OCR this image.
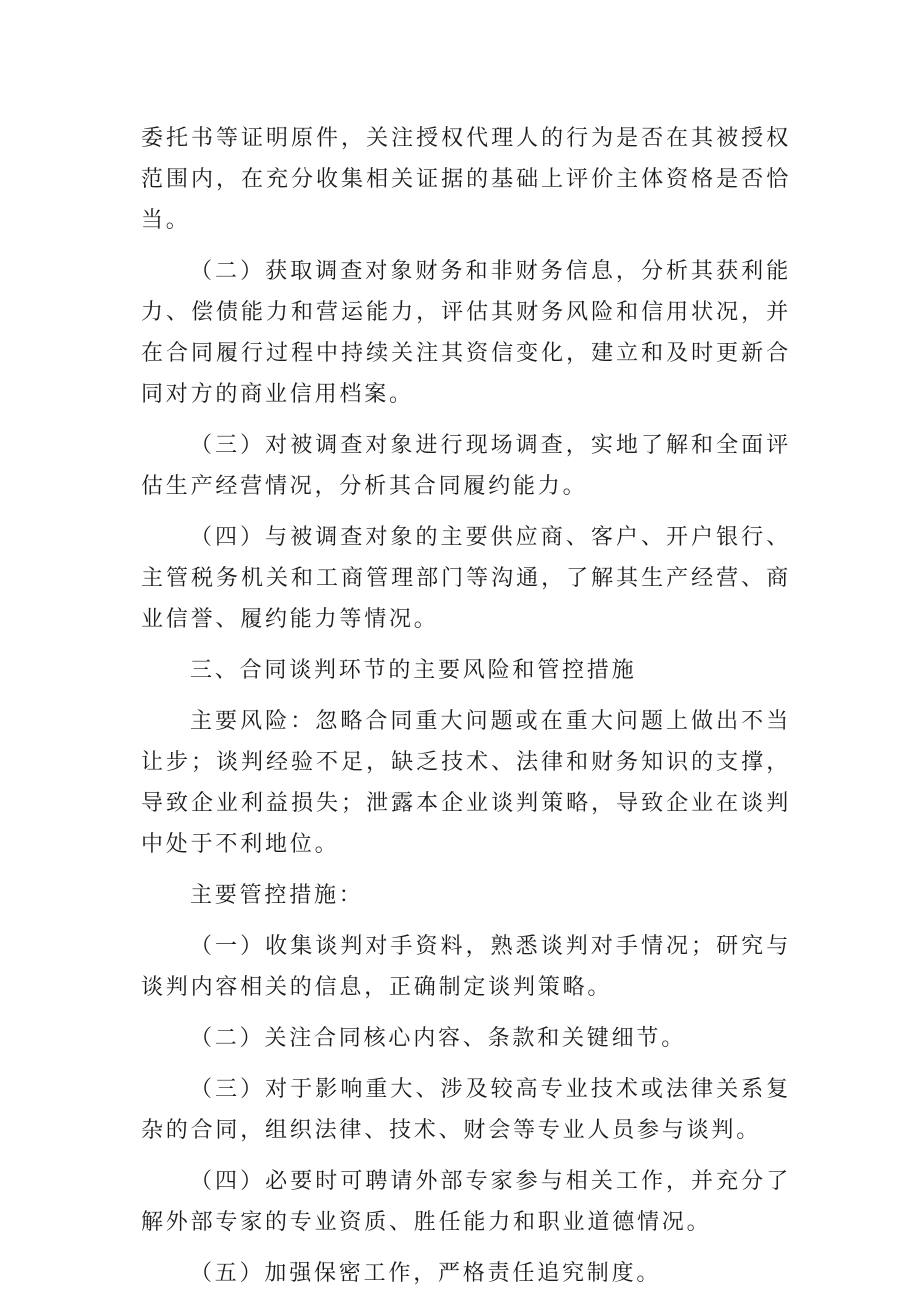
委托书等证明原件，关注授权代理人的行为是否在其被授权范围内，在充分收集相关证据的基础上评价主体资格是否恰当。

（二）获取调查对象财务和非财务信息，分析其获利能力、偿债能力和营运能力，评估其财务风险和信用状况，并在合同履行过程中持续关注其资信变化，建立和及时更新合同对方的商业信用档案。

（三）对被调查对象进行现场调查，实地了解和全面评估生产经营情况，分析其合同履约能力。

（四）与被调查对象的主要供应商、客户、开户银行、主管税务机关和工商管理部门等沟通，了解其生产经营、商业信誉、履约能力等情况。

三、合同谈判环节的主要风险和管控措施

主要风险：忽略合同重大问题或在重大问题上做出不当让步；谈判经验不足，缺乏技术、法律和财务知识的支撑，导致企业利益损失；泄露本企业谈判策略，导致企业在谈判中处于不利地位。

主要管控措施：

（一）收集谈判对手资料，熟悉谈判对手情况；研究与谈判内容相关的信息，正确制定谈判策略。

（二）关注合同核心内容、条款和关键细节。

（三）对于影响重大、涉及较高专业技术或法律关系复杂的合同，组织法律、技术、财会等专业人员参与谈判。

（四）必要时可聘请外部专家参与相关工作，并充分了解外部专家的专业资质、胜任能力和职业道德情况。

（五）加强保密工作，严格责任追究制度。
